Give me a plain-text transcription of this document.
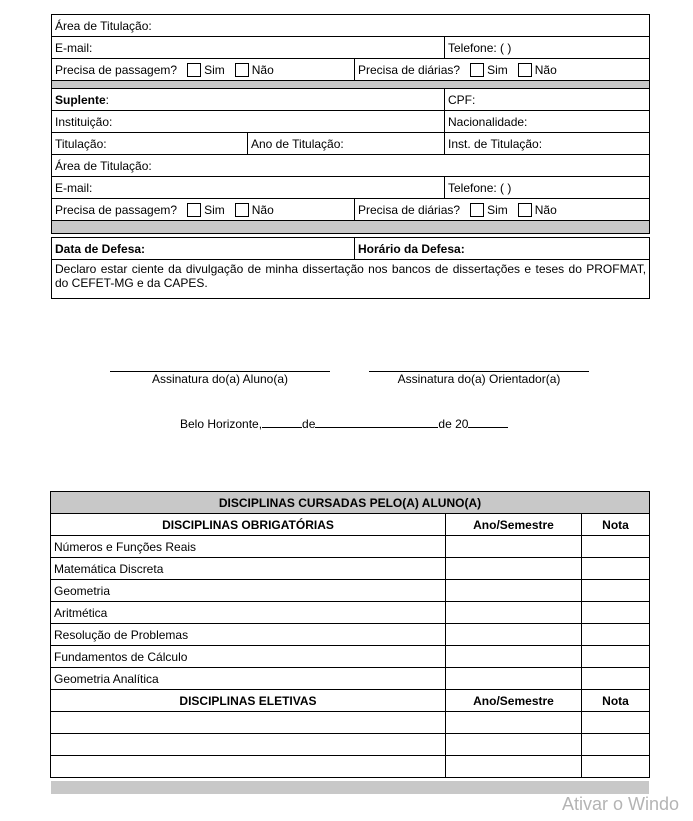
Área de Titulação:			
E-mail:			Telefone: ( )
Precisa de passagem? Sim Não		Precisa de diárias? Sim Não	

Suplente:			CPF:
Instituição:			Nacionalidade:
Titulação:	Ano de Titulação:		Inst. de Titulação:
Área de Titulação:			
E-mail:			Telefone: ( )
Precisa de passagem? Sim Não		Precisa de diárias? Sim Não	

Data de Defesa:		Horário da Defesa:	
Declaro estar ciente da divulgação de minha dissertação nos bancos de dissertações e teses do PROFMAT, do CEFET-MG e da CAPES.			
Assinatura do(a) Aluno(a)	Assinatura do(a) Orientador(a)
Belo Horizonte,	de	de 20
DISCIPLINAS CURSADAS PELO(A) ALUNO(A)		
DISCIPLINAS OBRIGATÓRIAS	Ano/Semestre	Nota
Números e Funções Reais		
Matemática Discreta		
Geometria		
Aritmética		
Resolução de Problemas		
Fundamentos de Cálculo		
Geometria Analítica		
DISCIPLINAS ELETIVAS	Ano/Semestre	Nota

Ativar o Windo
